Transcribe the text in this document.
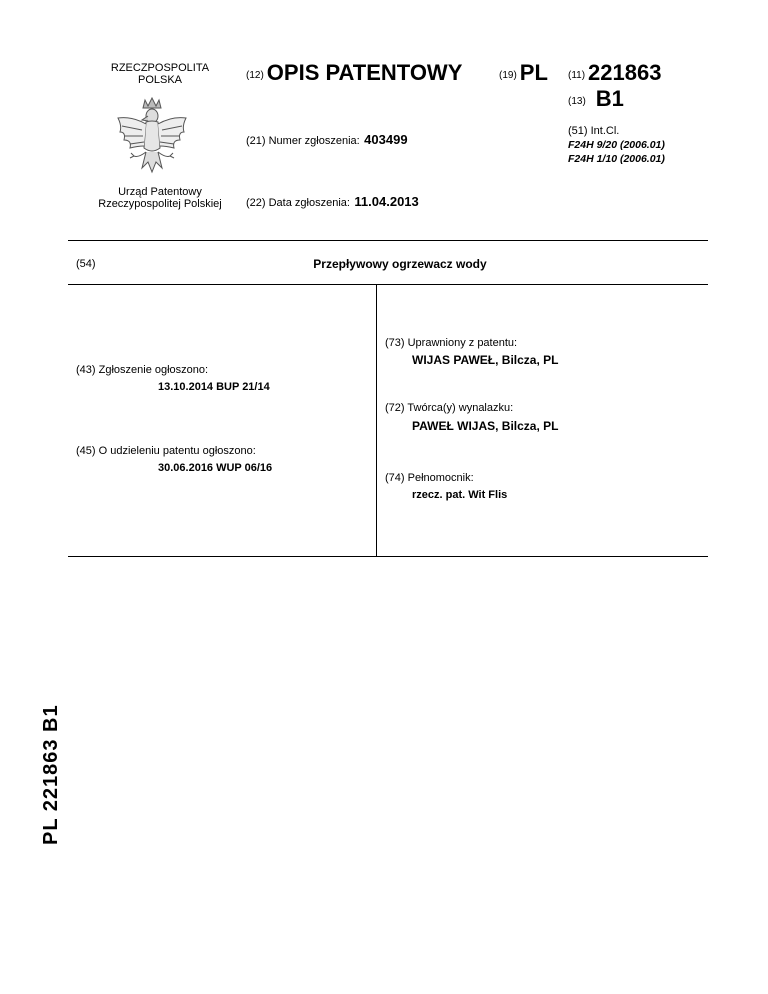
RZECZPOSPOLITA
POLSKA
Urząd Patentowy
Rzeczypospolitej Polskiej
(12) OPIS PATENTOWY	(19) PL (11) 221863
(13) B1
(21) Numer zgłoszenia: 403499
(22) Data zgłoszenia: 11.04.2013
(51) Int.Cl.
F24H 9/20 (2006.01)
F24H 1/10 (2006.01)
(54)	Przepływowy ogrzewacz wody
(43) Zgłoszenie ogłoszono:
13.10.2014 BUP 21/14
(45) O udzieleniu patentu ogłoszono:
30.06.2016 WUP 06/16
(73) Uprawniony z patentu:
WIJAS PAWEŁ, Bilcza, PL
(72) Twórca(y) wynalazku:
PAWEŁ WIJAS, Bilcza, PL
(74) Pełnomocnik:
rzecz. pat. Wit Flis
PL 221863 B1
